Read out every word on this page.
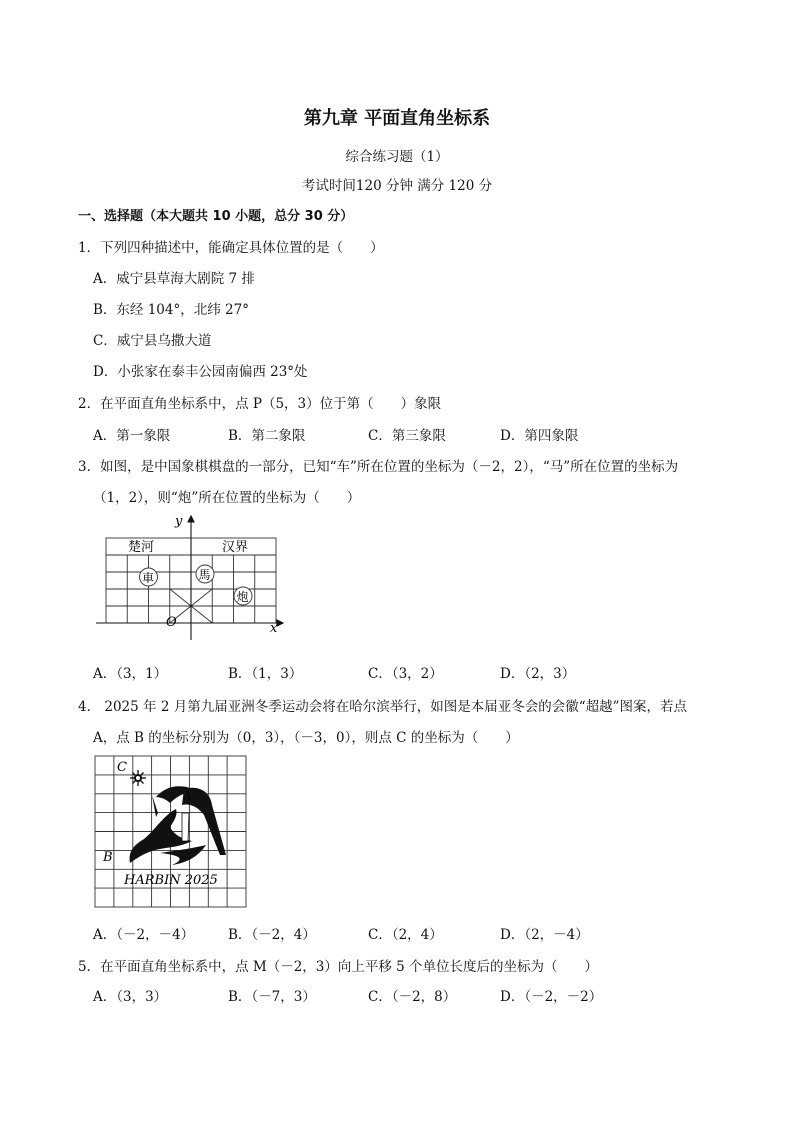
第九章 平面直角坐标系
综合练习题（1）
考试时间120 分钟 满分 120 分
一、选择题（本大题共 10 小题，总分 30 分）
1．下列四种描述中，能确定具体位置的是（　　）
A．威宁县草海大剧院 7 排
B．东经 104°，北纬 27°
C．威宁县乌撒大道
D．小张家在泰丰公园南偏西 23°处
2．在平面直角坐标系中，点 P（5，3）位于第（　　）象限
A．第一象限	B．第二象限	C．第三象限	D．第四象限
3．如图，是中国象棋棋盘的一部分，已知“车”所在位置的坐标为（－2，2），“马”所在位置的坐标为
（1，2），则“炮”所在位置的坐标为（　　）
y
x
O
楚河	汉界
車	馬
炮
A．（3，1）	B．（1，3）	C．（3，2）	D．（2，3）
4． 2025 年 2 月第九届亚洲冬季运动会将在哈尔滨举行，如图是本届亚冬会的会徽“超越”图案，若点
A，点 B 的坐标分别为（0，3），（－3，0），则点 C 的坐标为（　　）
C
A
B
HARBIN 2025
A．（－2，－4）	B．（－2，4）	C．（2，4）	D．（2，－4）
5．在平面直角坐标系中，点 M（－2，3）向上平移 5 个单位长度后的坐标为（　　）
A．（3，3）	B．（－7，3）	C．（－2，8）	D．（－2，－2）
